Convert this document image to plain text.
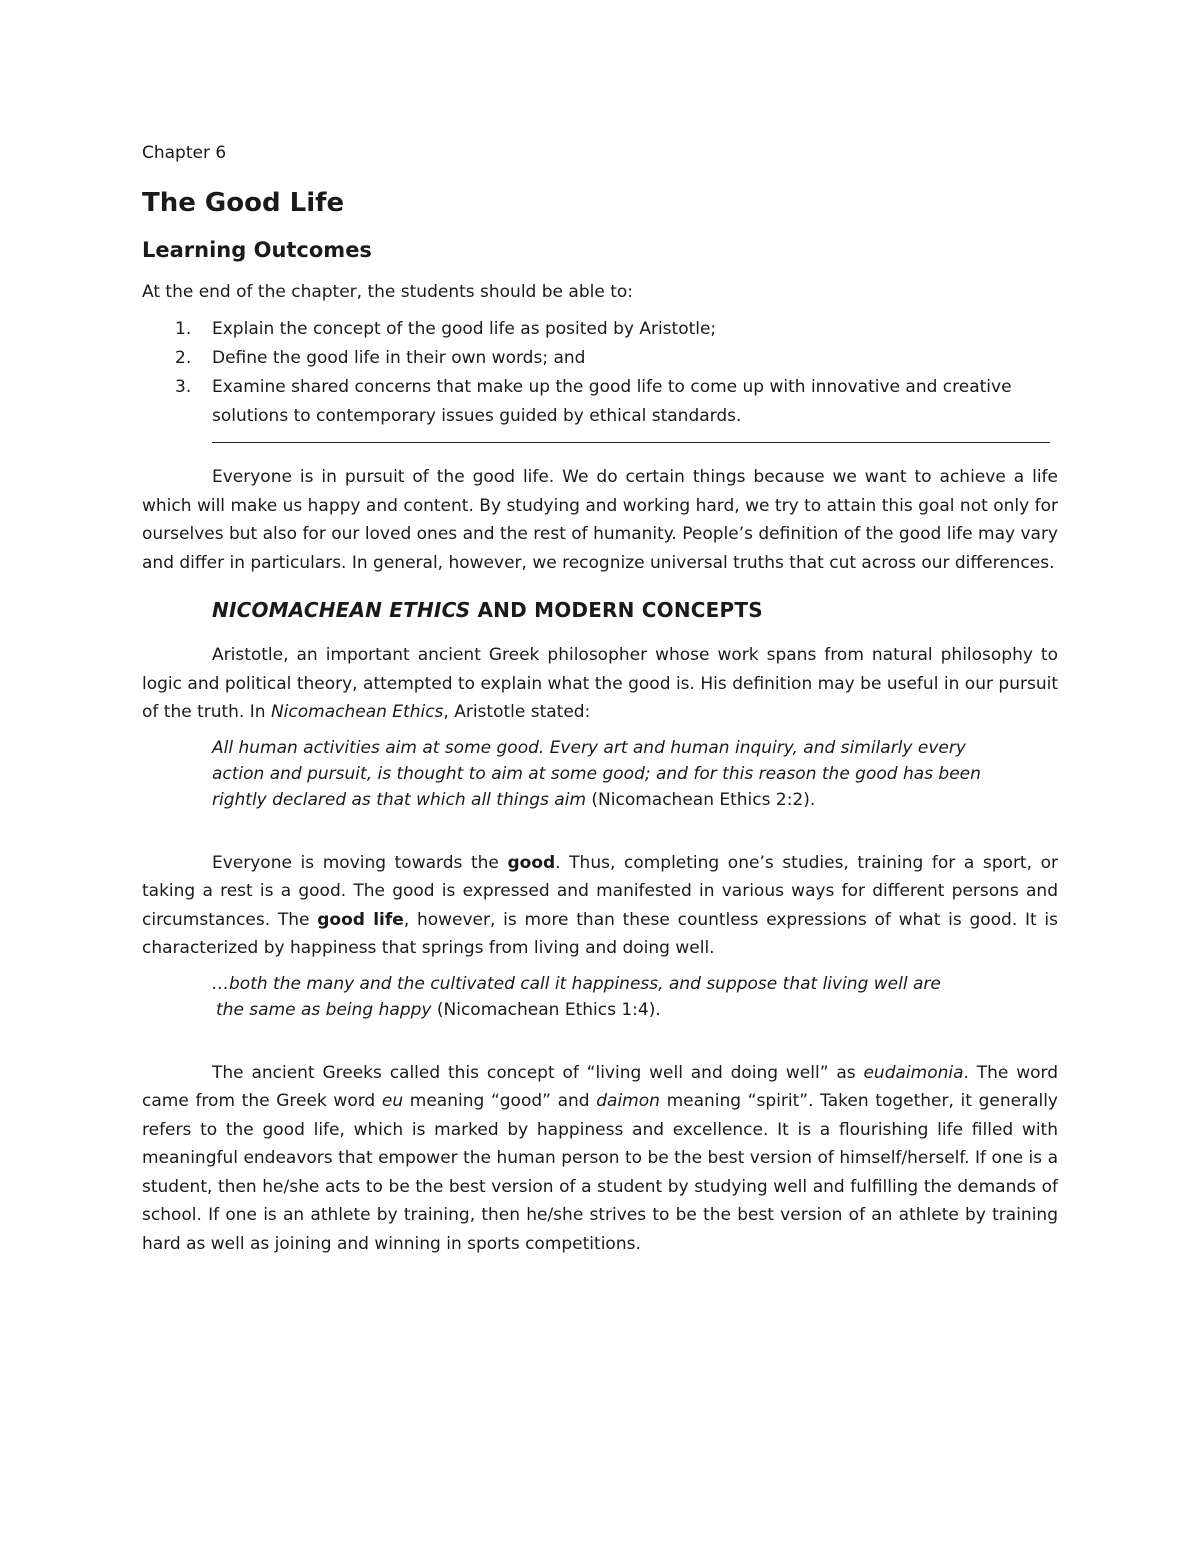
Chapter 6
The Good Life
Learning Outcomes
At the end of the chapter, the students should be able to:
1. Explain the concept of the good life as posited by Aristotle;
2. Define the good life in their own words; and
3. Examine shared concerns that make up the good life to come up with innovative and creative solutions to contemporary issues guided by ethical standards.

Everyone is in pursuit of the good life. We do certain things because we want to achieve a life which will make us happy and content. By studying and working hard, we try to attain this goal not only for ourselves but also for our loved ones and the rest of humanity. People’s definition of the good life may vary and differ in particulars. In general, however, we recognize universal truths that cut across our differences.

NICOMACHEAN ETHICS AND MODERN CONCEPTS

Aristotle, an important ancient Greek philosopher whose work spans from natural philosophy to logic and political theory, attempted to explain what the good is. His definition may be useful in our pursuit of the truth. In Nicomachean Ethics, Aristotle stated:

All human activities aim at some good. Every art and human inquiry, and similarly every
action and pursuit, is thought to aim at some good; and for this reason the good has been
rightly declared as that which all things aim (Nicomachean Ethics 2:2).

Everyone is moving towards the good. Thus, completing one’s studies, training for a sport, or taking a rest is a good. The good is expressed and manifested in various ways for different persons and circumstances. The good life, however, is more than these countless expressions of what is good. It is characterized by happiness that springs from living and doing well.

…both the many and the cultivated call it happiness, and suppose that living well are
the same as being happy (Nicomachean Ethics 1:4).

The ancient Greeks called this concept of “living well and doing well” as eudaimonia. The word came from the Greek word eu meaning “good” and daimon meaning “spirit”. Taken together, it generally refers to the good life, which is marked by happiness and excellence. It is a flourishing life filled with meaningful endeavors that empower the human person to be the best version of himself/herself. If one is a student, then he/she acts to be the best version of a student by studying well and fulfilling the demands of school. If one is an athlete by training, then he/she strives to be the best version of an athlete by training hard as well as joining and winning in sports competitions.
